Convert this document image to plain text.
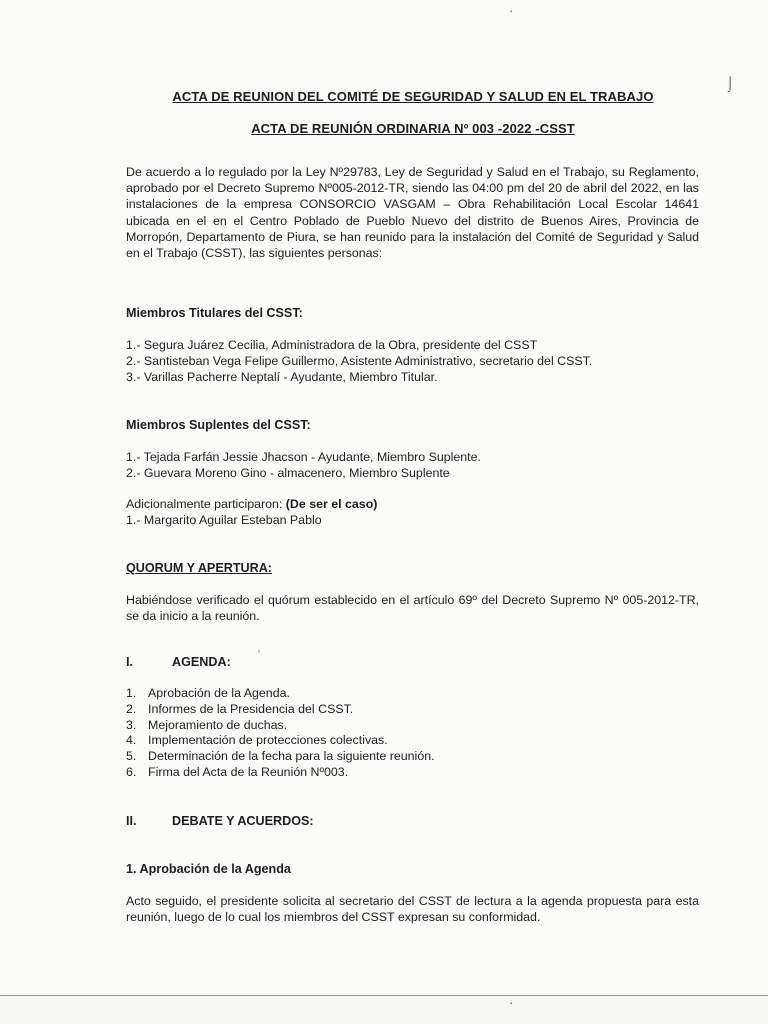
·
⌡
'
ACTA DE REUNION DEL COMITÉ DE SEGURIDAD Y SALUD EN EL TRABAJO
ACTA DE REUNIÓN ORDINARIA Nº 003 -2022 -CSST

De acuerdo a lo regulado por la Ley Nº29783, Ley de Seguridad y Salud en el Trabajo, su Reglamento, aprobado por el Decreto Supremo Nº005-2012-TR, siendo las 04:00 pm del 20 de abril del 2022, en las instalaciones de la empresa CONSORCIO VASGAM – Obra Rehabilitación Local Escolar 14641 ubicada en el en el Centro Poblado de Pueblo Nuevo del distrito de Buenos Aires, Provincia de Morropón, Departamento de Piura, se han reunido para la instalación del Comité de Seguridad y Salud en el Trabajo (CSST), las siguientes personas:

Miembros Titulares del CSST:
1.- Segura Juárez Cecilia, Administradora de la Obra, presidente del CSST
2.- Santisteban Vega Felipe Guillermo, Asistente Administrativo, secretario del CSST.
3.- Varillas Pacherre Neptalí - Ayudante, Miembro Titular.
Miembros Suplentes del CSST:
1.- Tejada Farfán Jessie Jhacson - Ayudante, Miembro Suplente.
2.- Guevara Moreno Gino - almacenero, Miembro Suplente
Adicionalmente participaron: (De ser el caso)
1.- Margarito Aguilar Esteban Pablo
QUORUM Y APERTURA:

Habiéndose verificado el quórum establecido en el artículo 69º del Decreto Supremo Nº 005-2012-TR, se da inicio a la reunión.

I.	AGENDA:
1. Aprobación de la Agenda.
2. Informes de la Presidencia del CSST.
3. Mejoramiento de duchas.
4. Implementación de protecciones colectivas.
5. Determinación de la fecha para la siguiente reunión.
6. Firma del Acta de la Reunión Nº003.
II.	DEBATE Y ACUERDOS:
1. Aprobación de la Agenda

Acto seguido, el presidente solicita al secretario del CSST de lectura a la agenda propuesta para esta reunión, luego de lo cual los miembros del CSST expresan su conformidad.

·
